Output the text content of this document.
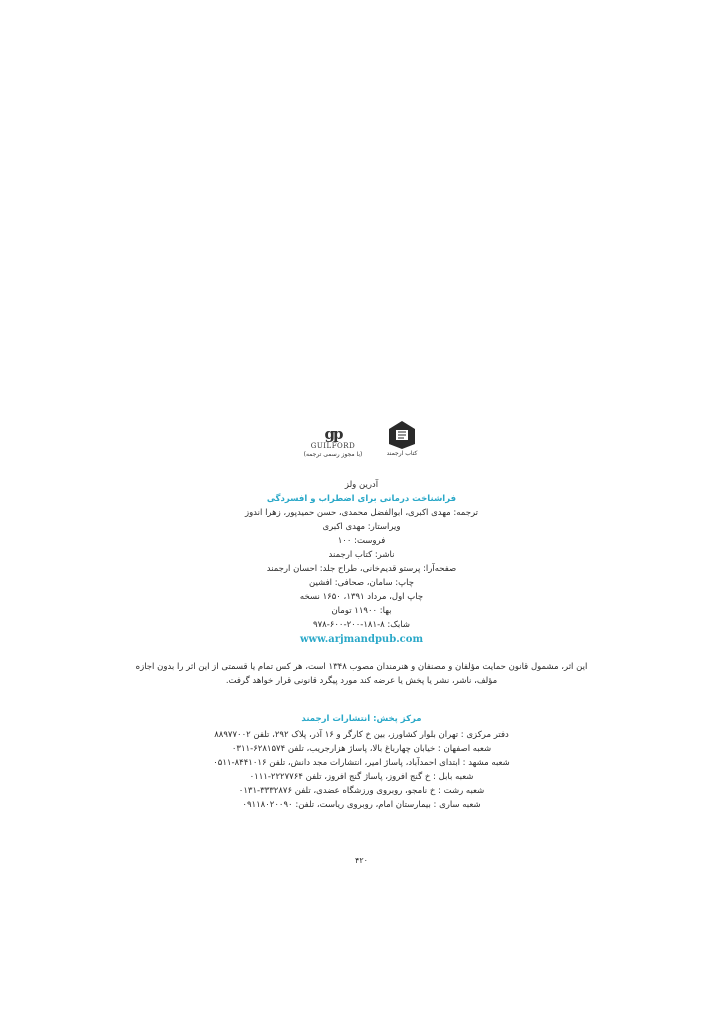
gp
GUILFORD
(با مجوز رسمی ترجمه)	کتاب ارجمند
آدرین ولز
فراشناخت درمانی برای اضطراب و افسردگی
ترجمه: مهدی اکبری، ابوالفضل محمدی، حسن حمیدپور، زهرا اندوز
ویراستار: مهدی اکبری
فروست: ۱۰۰
ناشر: کتاب ارجمند
صفحه‌آرا: پرستو قدیم‌خانی، طراح جلد: احسان ارجمند
چاپ: سامان، صحافی: افشین
چاپ اول، مرداد ۱۳۹۱، ۱۶۵۰ نسخه
بها: ۱۱۹۰۰ تومان
شابک: ۸-۱۸۱-۲۰۰-۶۰۰-۹۷۸
www.arjmandpub.com
این اثر، مشمول قانون حمایت مؤلفان و مصنفان و هنرمندان مصوب ۱۳۴۸ است، هر کس تمام یا قسمتی از این اثر را بدون اجازه
مؤلف، ناشر، نشر یا پخش یا عرضه کند مورد پیگرد قانونی قرار خواهد گرفت.
مرکز پخش: انتشارات ارجمند
دفتر مرکزی : تهران بلوار کشاورز، بین خ کارگر و ۱۶ آذر، پلاک ۲۹۲، تلفن ۸۸۹۷۷۰۰۲
شعبه اصفهان : خیابان چهارباغ بالا، پاساژ هزارجریب، تلفن ۶۲۸۱۵۷۴-۰۳۱۱
شعبه مشهد : ابتدای احمدآباد، پاساژ امیر، انتشارات مجد دانش، تلفن ۸۴۴۱۰۱۶-۰۵۱۱
شعبه بابل : خ گنج افروز، پاساژ گنج افروز، تلفن ۲۲۲۷۷۶۴-۰۱۱۱
شعبه رشت : خ نامجو، روبروی ورزشگاه عضدی، تلفن ۳۳۳۲۸۷۶-۰۱۳۱
شعبه ساری : بیمارستان امام، روبروی ریاست، تلفن: ۰۹۱۱۸۰۲۰۰۹۰
۴۲۰
